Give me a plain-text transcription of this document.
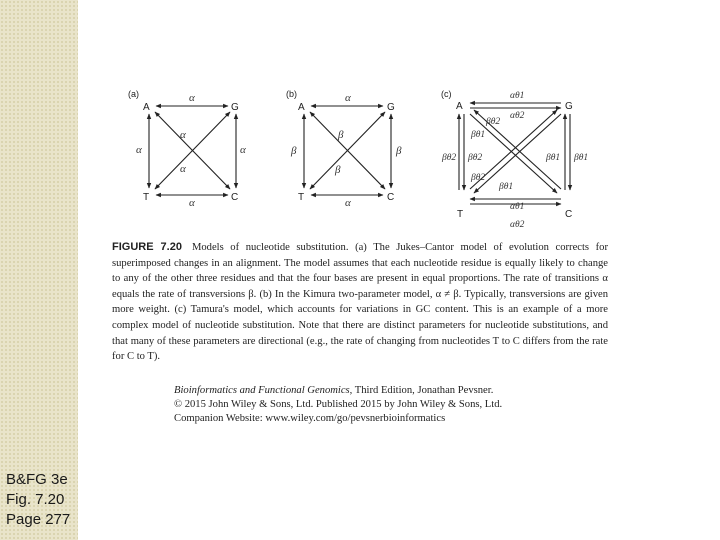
B&FG 3e
Fig. 7.20
Page 277
(a)
A	G
T	C
α
α
α	α
α
α
(b)
A	G
T	C
α
α
β	β
β
β
(c)
A	G
T	C
αθ1
αθ2
αθ1
αθ2
βθ2 βθ2	βθ1 βθ1
βθ2
βθ1
βθ2
βθ1
FIGURE 7.20 Models of nucleotide substitution. (a) The Jukes–Cantor model of evolution corrects for superimposed changes in an alignment. The model assumes that each nucleotide residue is equally likely to change to any of the other three residues and that the four bases are present in equal proportions. The rate of transitions α equals the rate of transversions β. (b) In the Kimura two-parameter model, α ≠ β. Typically, transversions are given more weight. (c) Tamura's model, which accounts for variations in GC content. This is an example of a more complex model of nucleotide substitution. Note that there are distinct parameters for nucleotide substitutions, and that many of these parameters are directional (e.g., the rate of changing from nucleotides T to C differs from the rate for C to T).
Bioinformatics and Functional Genomics, Third Edition, Jonathan Pevsner.
© 2015 John Wiley & Sons, Ltd. Published 2015 by John Wiley & Sons, Ltd.
Companion Website: www.wiley.com/go/pevsnerbioinformatics
